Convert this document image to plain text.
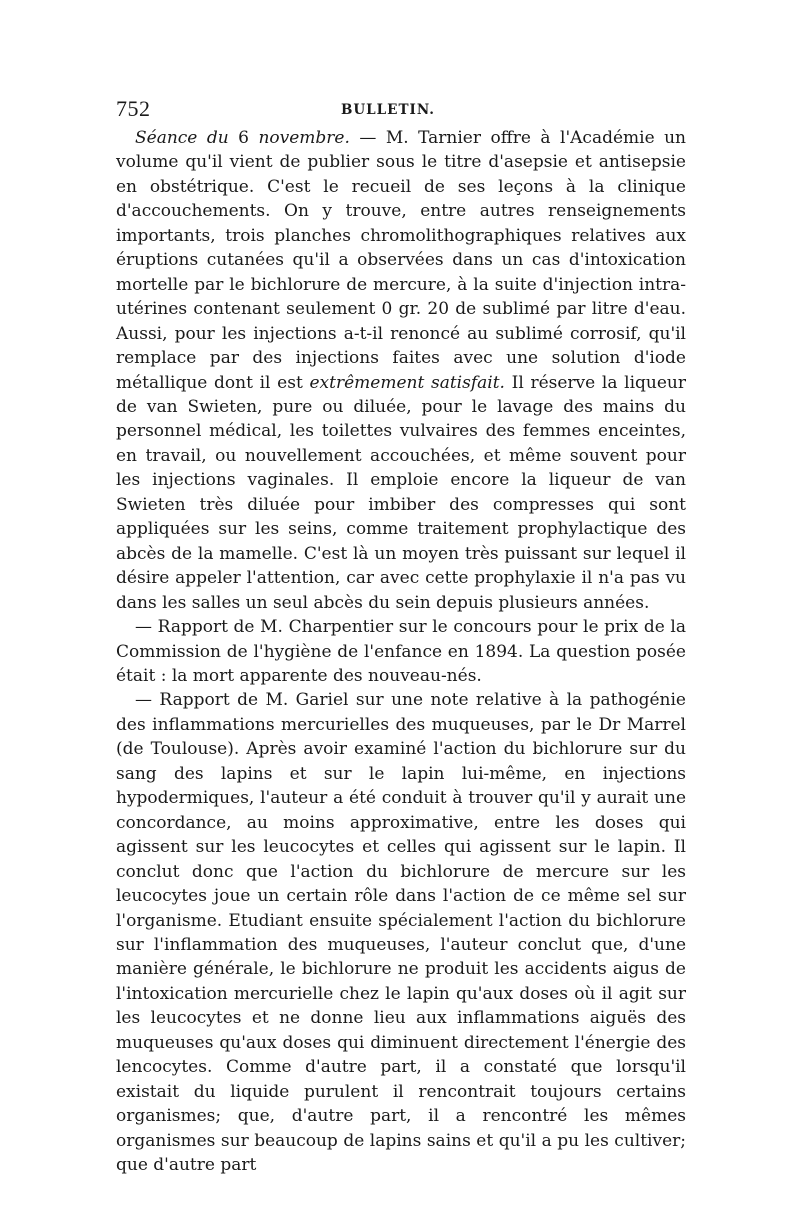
752	BULLETIN.

Séance du 6 novembre. — M. Tarnier offre à l'Académie un volume qu'il vient de publier sous le titre d'asepsie et antisepsie en obstétrique. C'est le recueil de ses leçons à la clinique d'accouchements. On y trouve, entre autres renseignements importants, trois planches chromolithographiques relatives aux éruptions cutanées qu'il a observées dans un cas d'intoxication mortelle par le bichlorure de mercure, à la suite d'injection intra-utérines contenant seulement 0 gr. 20 de sublimé par litre d'eau. Aussi, pour les injections a-t-il renoncé au sublimé corrosif, qu'il remplace par des injections faites avec une solution d'iode métallique dont il est extrêmement satisfait. Il réserve la liqueur de van Swieten, pure ou diluée, pour le lavage des mains du personnel médical, les toilettes vulvaires des femmes enceintes, en travail, ou nouvellement accouchées, et même souvent pour les injections vaginales. Il emploie encore la liqueur de van Swieten très diluée pour imbiber des compresses qui sont appliquées sur les seins, comme traitement prophylactique des abcès de la mamelle. C'est là un moyen très puissant sur lequel il désire appeler l'attention, car avec cette prophylaxie il n'a pas vu dans les salles un seul abcès du sein depuis plusieurs années.

— Rapport de M. Charpentier sur le concours pour le prix de la Commission de l'hygiène de l'enfance en 1894. La question posée était : la mort apparente des nouveau-nés.

— Rapport de M. Gariel sur une note relative à la pathogénie des inflammations mercurielles des muqueuses, par le Dr Marrel (de Toulouse). Après avoir examiné l'action du bichlorure sur du sang des lapins et sur le lapin lui-même, en injections hypodermiques, l'auteur a été conduit à trouver qu'il y aurait une concordance, au moins approximative, entre les doses qui agissent sur les leucocytes et celles qui agissent sur le lapin. Il conclut donc que l'action du bichlorure de mercure sur les leucocytes joue un certain rôle dans l'action de ce même sel sur l'organisme. Etudiant ensuite spécialement l'action du bichlorure sur l'inflammation des muqueuses, l'auteur conclut que, d'une manière générale, le bichlorure ne produit les accidents aigus de l'intoxication mercurielle chez le lapin qu'aux doses où il agit sur les leucocytes et ne donne lieu aux inflammations aiguës des muqueuses qu'aux doses qui diminuent directement l'énergie des lencocytes. Comme d'autre part, il a constaté que lorsqu'il existait du liquide purulent il rencontrait toujours certains organismes; que, d'autre part, il a rencontré les mêmes organismes sur beaucoup de lapins sains et qu'il a pu les cultiver; que d'autre part
